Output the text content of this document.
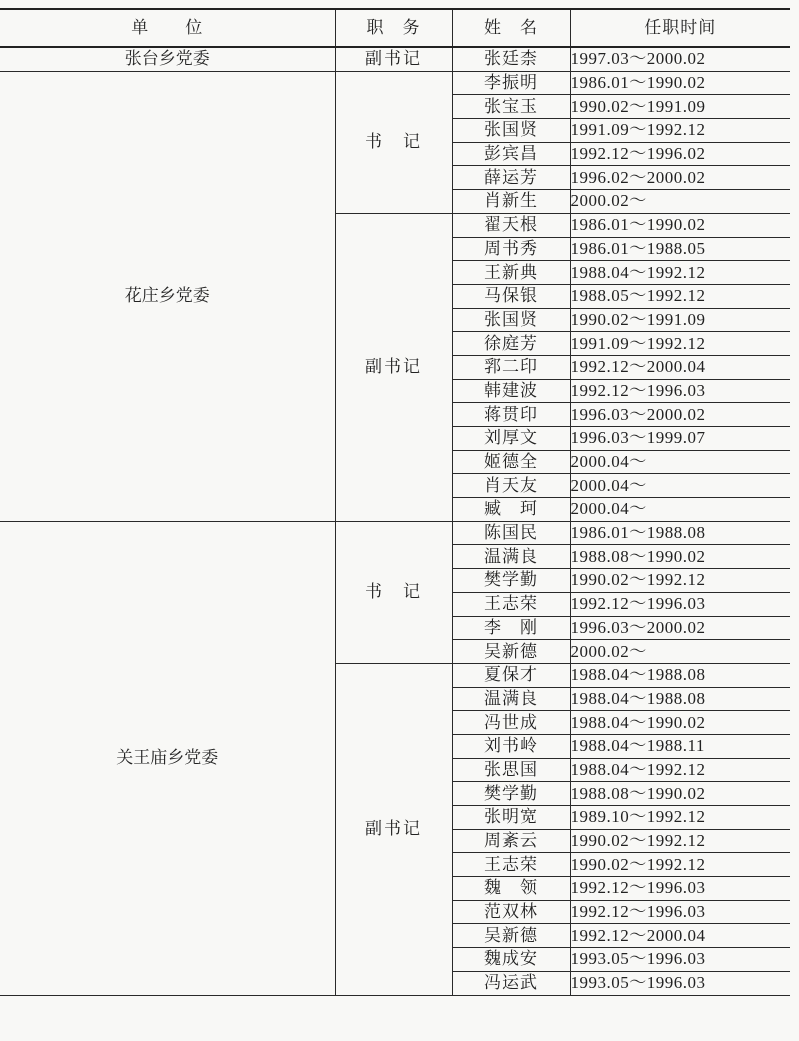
单　　位	职　务	姓　名	任职时间
张台乡党委	副书记	张廷柰	1997.03～2000.02
花庄乡党委	书　记	李振明	1986.01～1990.02
		张宝玉	1990.02～1991.09
		张国贤	1991.09～1992.12
		彭宾昌	1992.12～1996.02
		薛运芳	1996.02～2000.02
		肖新生	2000.02～
	副书记	翟天根	1986.01～1990.02
		周书秀	1986.01～1988.05
		王新典	1988.04～1992.12
		马保银	1988.05～1992.12
		张国贤	1990.02～1991.09
		徐庭芳	1991.09～1992.12
		郛二印	1992.12～2000.04
		韩建波	1992.12～1996.03
		蒋贯印	1996.03～2000.02
		刘厚文	1996.03～1999.07
		姬德全	2000.04～
		肖天友	2000.04～
		臧　珂	2000.04～
关王庙乡党委	书　记	陈国民	1986.01～1988.08
		温满良	1988.08～1990.02
		樊学勤	1990.02～1992.12
		王志荣	1992.12～1996.03
		李　刚	1996.03～2000.02
		吴新德	2000.02～
	副书记	夏保才	1988.04～1988.08
		温满良	1988.04～1988.08
		冯世成	1988.04～1990.02
		刘书岭	1988.04～1988.11
		张思国	1988.04～1992.12
		樊学勤	1988.08～1990.02
		张明宽	1989.10～1992.12
		周紊云	1990.02～1992.12
		王志荣	1990.02～1992.12
		魏　领	1992.12～1996.03
		范双林	1992.12～1996.03
		吴新德	1992.12～2000.04
		魏成安	1993.05～1996.03
		冯运武	1993.05～1996.03
